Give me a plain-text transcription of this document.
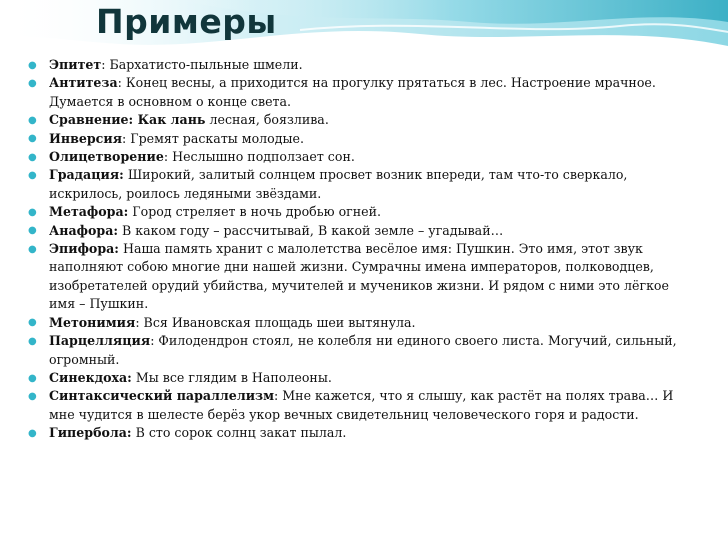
Примеры
● Эпитет: Бархатисто-пыльные шмели.
● Антитеза: Конец весны, а приходится на прогулку прятаться в лес. Настроение мрачное. Думается в основном о конце света.
● Сравнение: Как лань лесная, боязлива.
● Инверсия: Гремят раскаты молодые.
● Олицетворение: Неслышно подползает сон.
● Градация: Широкий, залитый солнцем просвет возник впереди, там что-то сверкало, искрилось, роилось ледяными звёздами.
● Метафора: Город стреляет в ночь дробью огней.
● Анафора: В каком году – рассчитывай, В какой земле – угадывай…
● Эпифора: Наша память хранит с малолетства весёлое имя: Пушкин. Это имя, этот звук наполняют собою многие дни нашей жизни. Сумрачны имена императоров, полководцев, изобретателей орудий убийства, мучителей и мучеников жизни. И рядом с ними это лёгкое имя – Пушкин.
● Метонимия: Вся Ивановская площадь шеи вытянула.
● Парцелляция: Филодендрон стоял, не колебля ни единого своего листа. Могучий, сильный, огромный.
● Синекдоха: Мы все глядим в Наполеоны.
● Синтаксический параллелизм: Мне кажется, что я слышу, как растёт на полях трава… И мне чудится в шелесте берёз укор вечных свидетельниц человеческого горя и радости.
● Гипербола: В сто сорок солнц закат пылал.
